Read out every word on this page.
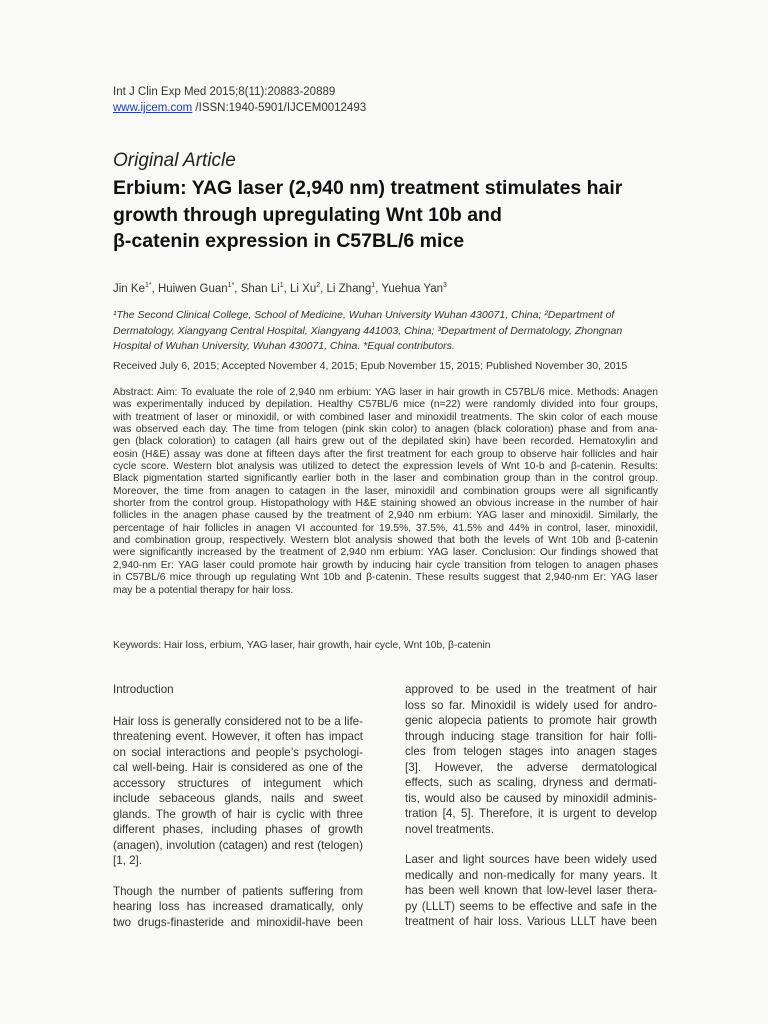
Int J Clin Exp Med 2015;8(11):20883-20889
www.ijcem.com /ISSN:1940-5901/IJCEM0012493
Original Article
Erbium: YAG laser (2,940 nm) treatment stimulates hair
growth through upregulating Wnt 10b and
β-catenin expression in C57BL/6 mice
Jin $Ke^{1*}$, Huiwen Guan$^{1*}$, Shan Li$^1$, Li Xu$^2$, Li Zhang$^1$, Yuehua Yan$^3$
¹The Second Clinical College, School of Medicine, Wuhan University Wuhan 430071, China; ²Department of
Dermatology, Xiangyang Central Hospital, Xiangyang 441003, China; ³Department of Dermatology, Zhongnan
Hospital of Wuhan University, Wuhan 430071, China. *Equal contributors.
Received July 6, 2015; Accepted November 4, 2015; Epub November 15, 2015; Published November 30, 2015
Abstract: Aim: To evaluate the role of 2,940 nm erbium: YAG laser in hair growth in C57BL/6 mice. Methods: Anagen
was experimentally induced by depilation. Healthy C57BL/6 mice (n=22) were randomly divided into four groups,
with treatment of laser or minoxidil, or with combined laser and minoxidil treatments. The skin color of each mouse
was observed each day. The time from telogen (pink skin color) to anagen (black coloration) phase and from ana-
gen (black coloration) to catagen (all hairs grew out of the depilated skin) have been recorded. Hematoxylin and
eosin (H&E) assay was done at fifteen days after the first treatment for each group to observe hair follicles and hair
cycle score. Western blot analysis was utilized to detect the expression levels of Wnt 10-b and β-catenin. Results:
Black pigmentation started significantly earlier both in the laser and combination group than in the control group.
Moreover, the time from anagen to catagen in the laser, minoxidil and combination groups were all significantly
shorter from the control group. Histopathology with H&E staining showed an obvious increase in the number of hair
follicles in the anagen phase caused by the treatment of 2,940 nm erbium: YAG laser and minoxidil. Similarly, the
percentage of hair follicles in anagen VI accounted for 19.5%, 37.5%, 41.5% and 44% in control, laser, minoxidil,
and combination group, respectively. Western blot analysis showed that both the levels of Wnt 10b and β-catenin
were significantly increased by the treatment of 2,940 nm erbium: YAG laser. Conclusion: Our findings showed that
2,940-nm Er: YAG laser could promote hair growth by inducing hair cycle transition from telogen to anagen phases
in C57BL/6 mice through up regulating Wnt 10b and β-catenin. These results suggest that 2,940-nm Er: YAG laser
may be a potential therapy for hair loss.
Keywords: Hair loss, erbium, YAG laser, hair growth, hair cycle, Wnt 10b, β-catenin
Introduction

Hair loss is generally considered not to be a life-
threatening event. However, it often has impact
on social interactions and people’s psychologi-
cal well-being. Hair is considered as one of the
accessory structures of integument which
include sebaceous glands, nails and sweet
glands. The growth of hair is cyclic with three
different phases, including phases of growth
(anagen), involution (catagen) and rest (telogen)
[1, 2].

Though the number of patients suffering from
hearing loss has increased dramatically, only
two drugs-finasteride and minoxidil-have been

approved to be used in the treatment of hair
loss so far. Minoxidil is widely used for andro-
genic alopecia patients to promote hair growth
through inducing stage transition for hair folli-
cles from telogen stages into anagen stages
[3]. However, the adverse dermatological
effects, such as scaling, dryness and dermati-
tis, would also be caused by minoxidil adminis-
tration [4, 5]. Therefore, it is urgent to develop
novel treatments.

Laser and light sources have been widely used
medically and non-medically for many years. It
has been well known that low-level laser thera-
py (LLLT) seems to be effective and safe in the
treatment of hair loss. Various LLLT have been
